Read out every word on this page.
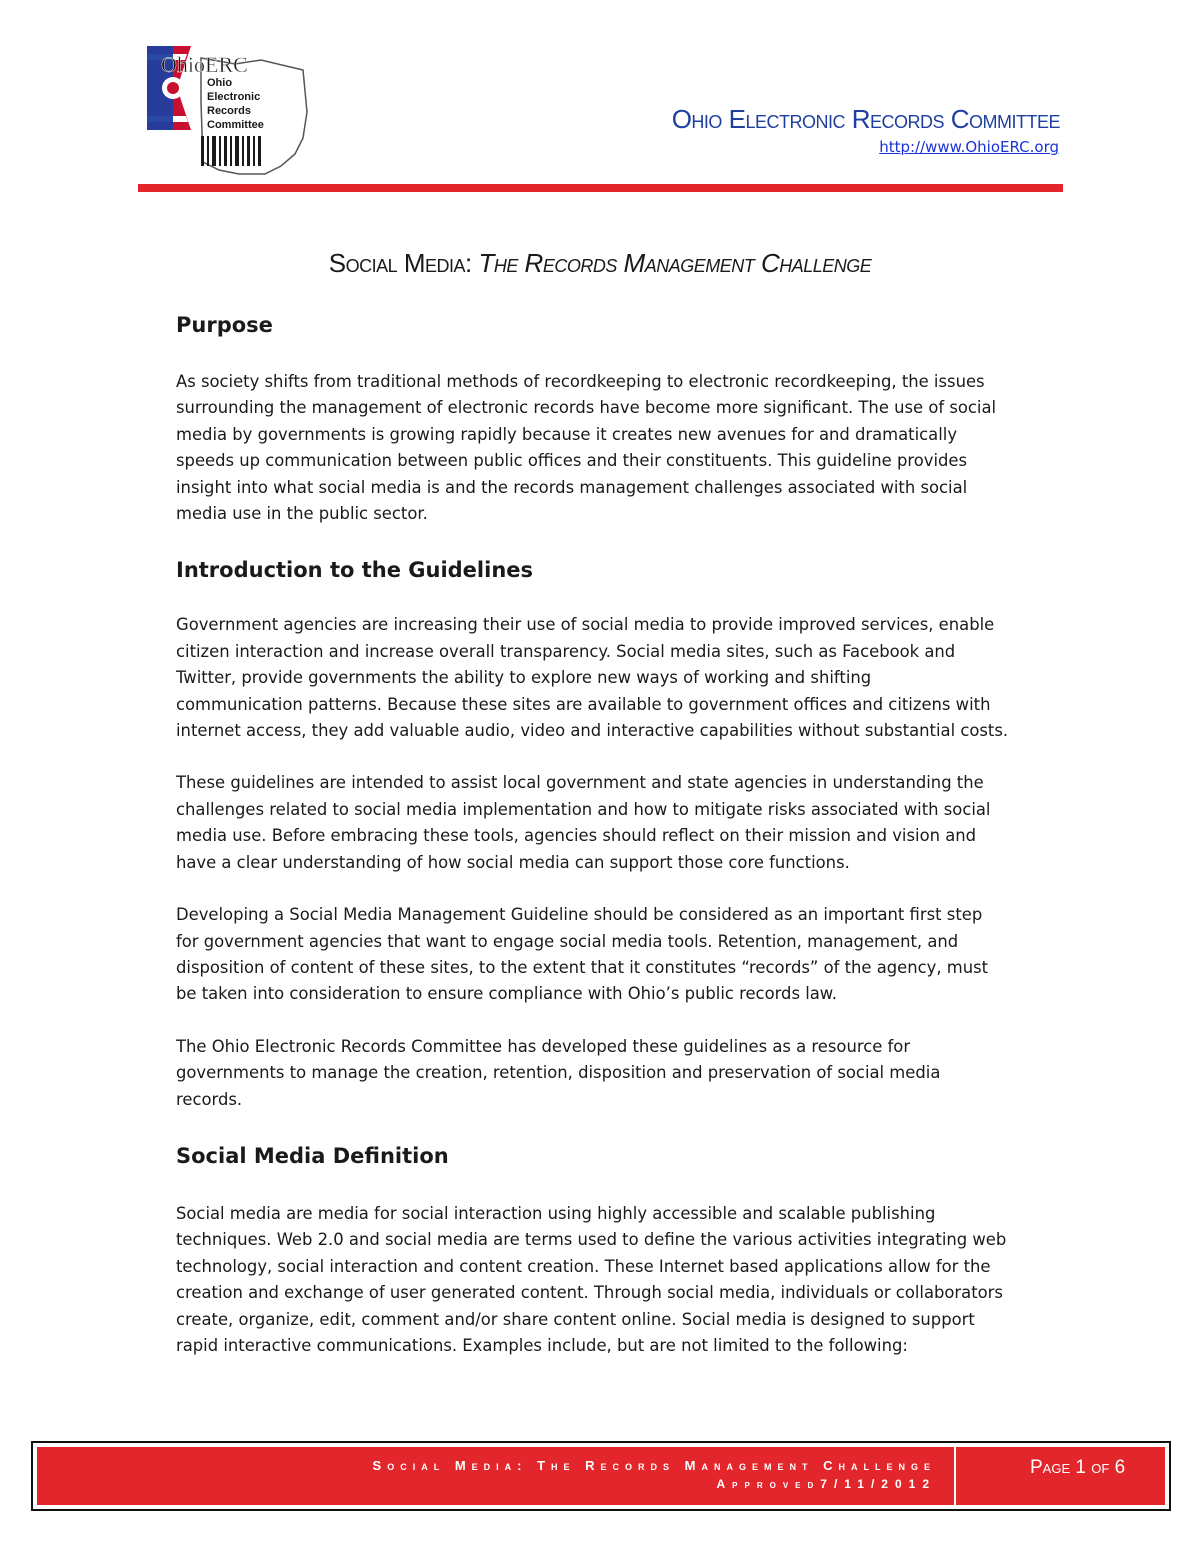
OhioERC
Ohio
Electronic
Records
Committee	Ohio Electronic Records Committee
http://www.OhioERC.org
Social Media: The Records Management Challenge
Purpose

As society shifts from traditional methods of recordkeeping to electronic recordkeeping, the issues
surrounding the management of electronic records have become more significant. The use of social
media by governments is growing rapidly because it creates new avenues for and dramatically
speeds up communication between public offices and their constituents. This guideline provides
insight into what social media is and the records management challenges associated with social
media use in the public sector.

Introduction to the Guidelines

Government agencies are increasing their use of social media to provide improved services, enable
citizen interaction and increase overall transparency. Social media sites, such as Facebook and
Twitter, provide governments the ability to explore new ways of working and shifting
communication patterns. Because these sites are available to government offices and citizens with
internet access, they add valuable audio, video and interactive capabilities without substantial costs.

These guidelines are intended to assist local government and state agencies in understanding the
challenges related to social media implementation and how to mitigate risks associated with social
media use. Before embracing these tools, agencies should reflect on their mission and vision and
have a clear understanding of how social media can support those core functions.

Developing a Social Media Management Guideline should be considered as an important first step
for government agencies that want to engage social media tools. Retention, management, and
disposition of content of these sites, to the extent that it constitutes “records” of the agency, must
be taken into consideration to ensure compliance with Ohio’s public records law.

The Ohio Electronic Records Committee has developed these guidelines as a resource for
governments to manage the creation, retention, disposition and preservation of social media
records.

Social Media Definition

Social media are media for social interaction using highly accessible and scalable publishing
techniques. Web 2.0 and social media are terms used to define the various activities integrating web
technology, social interaction and content creation. These Internet based applications allow for the
creation and exchange of user generated content. Through social media, individuals or collaborators
create, organize, edit, comment and/or share content online. Social media is designed to support
rapid interactive communications. Examples include, but are not limited to the following:

Social Media: The Records Management Challenge
Approved7/11/2012
Page 1 of 6
